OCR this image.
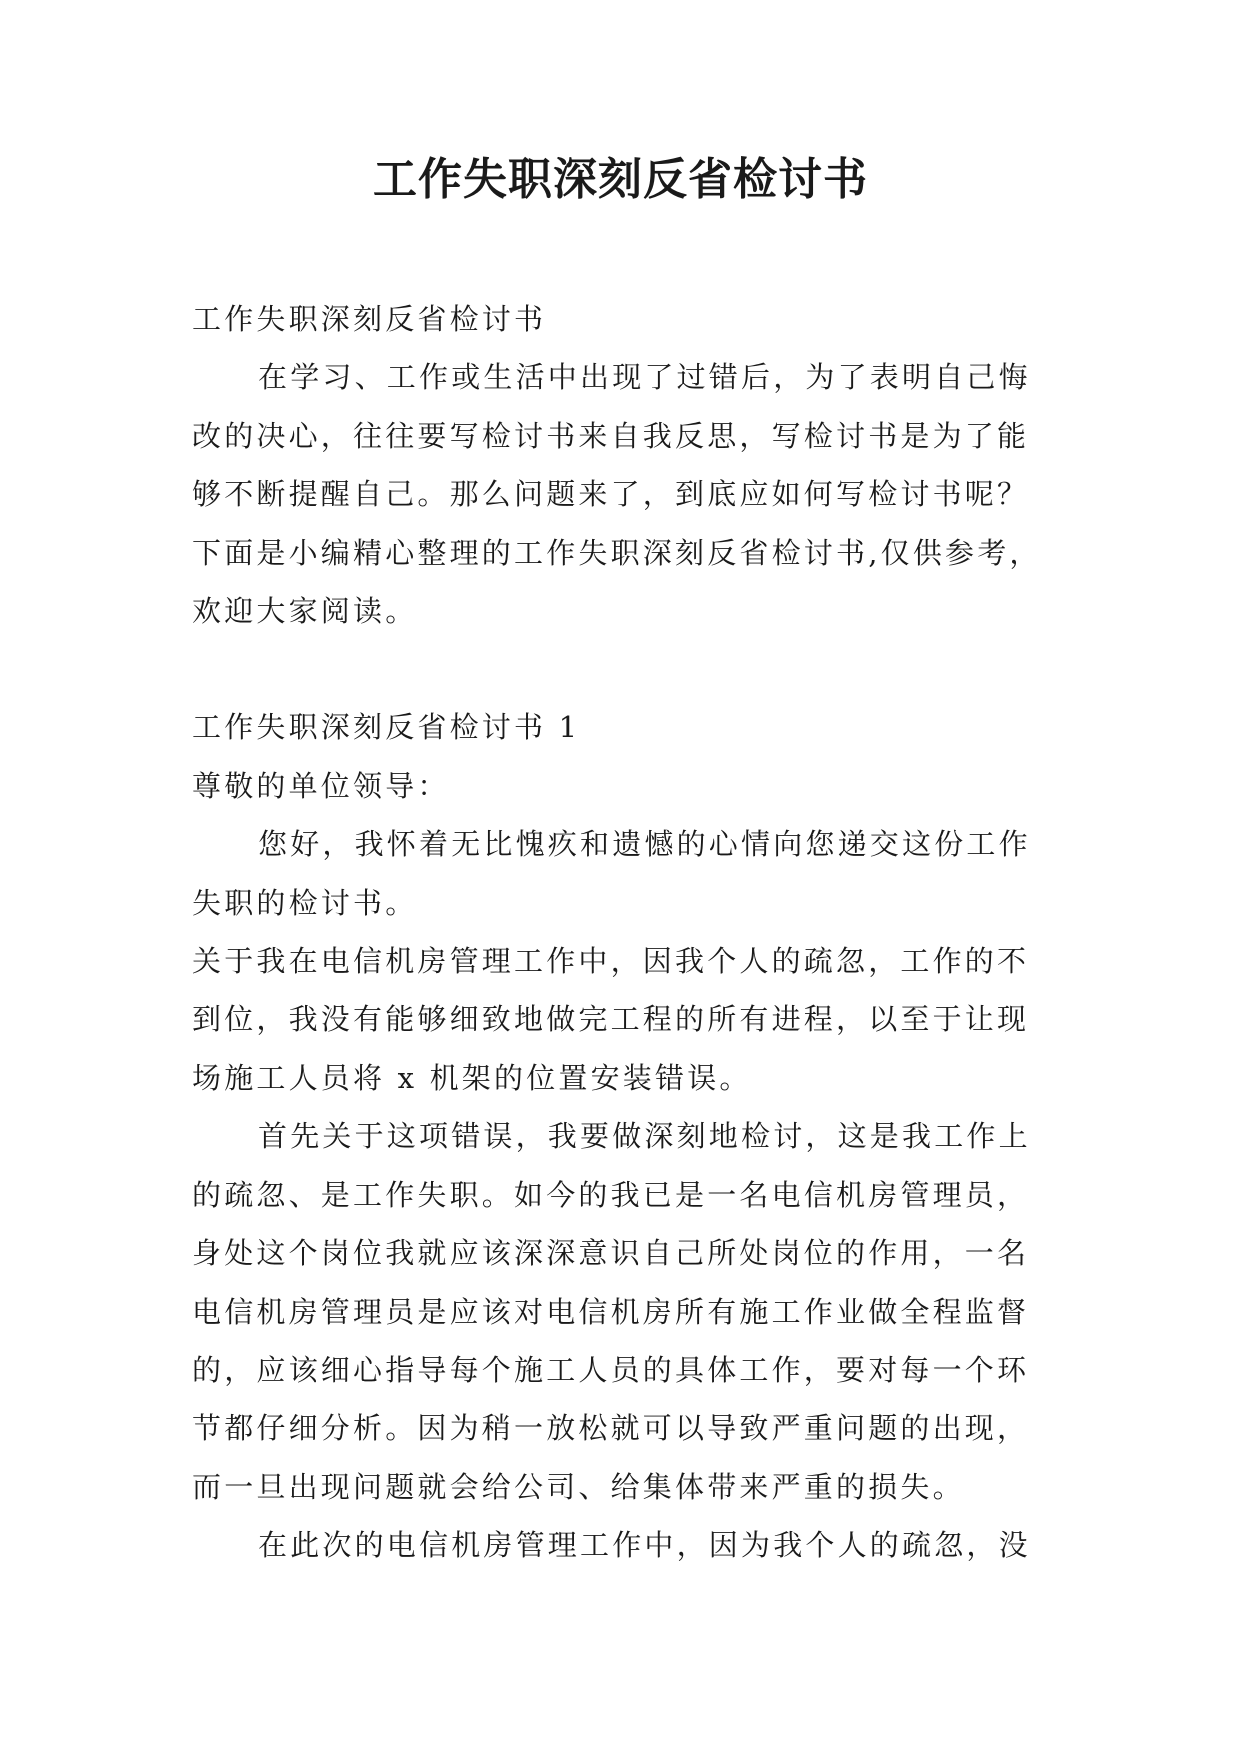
工作失职深刻反省检讨书

工作失职深刻反省检讨书

在学习、工作或生活中出现了过错后，为了表明自己悔改的决心，往往要写检讨书来自我反思，写检讨书是为了能够不断提醒自己。那么问题来了，到底应如何写检讨书呢？下面是小编精心整理的工作失职深刻反省检讨书,仅供参考，欢迎大家阅读。

工作失职深刻反省检讨书 1

尊敬的单位领导：

您好，我怀着无比愧疚和遗憾的心情向您递交这份工作失职的检讨书。

关于我在电信机房管理工作中，因我个人的疏忽，工作的不到位，我没有能够细致地做完工程的所有进程，以至于让现场施工人员将 x 机架的位置安装错误。

首先关于这项错误，我要做深刻地检讨，这是我工作上的疏忽、是工作失职。如今的我已是一名电信机房管理员，身处这个岗位我就应该深深意识自己所处岗位的作用，一名电信机房管理员是应该对电信机房所有施工作业做全程监督的，应该细心指导每个施工人员的具体工作，要对每一个环节都仔细分析。因为稍一放松就可以导致严重问题的出现，而一旦出现问题就会给公司、给集体带来严重的损失。

在此次的电信机房管理工作中，因为我个人的疏忽，没
